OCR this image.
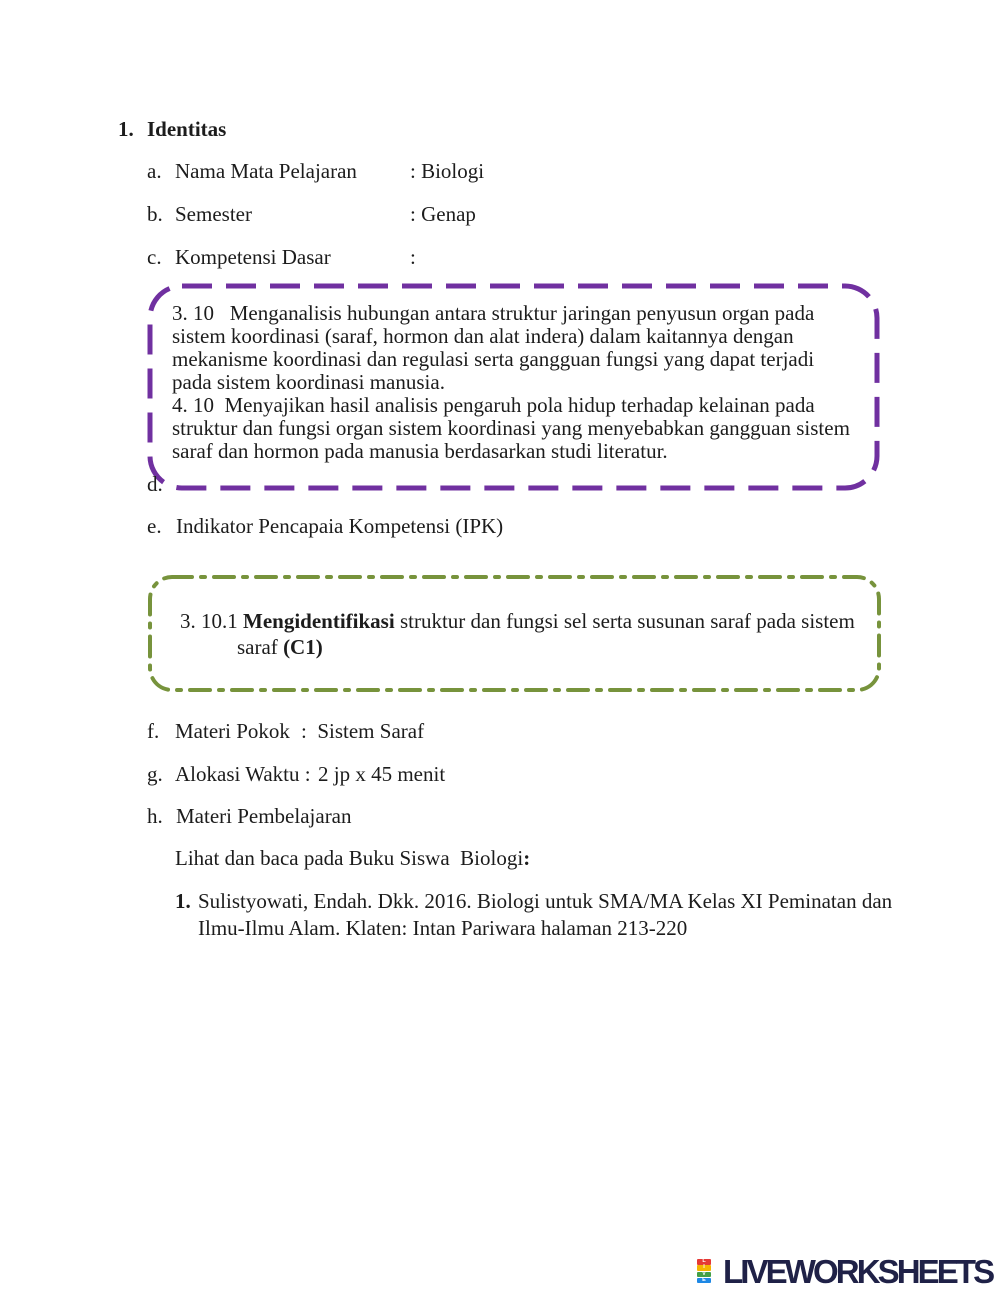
1. Identitas
a. Nama Mata Pelajaran	: Biologi
b. Semester	: Genap
c. Kompetensi Dasar	:
3. 10   Menganalisis hubungan antara struktur jaringan penyusun organ pada
sistem koordinasi (saraf, hormon dan alat indera) dalam kaitannya dengan
mekanisme koordinasi dan regulasi serta gangguan fungsi yang dapat terjadi
pada sistem koordinasi manusia.
4. 10  Menyajikan hasil analisis pengaruh pola hidup terhadap kelainan pada
struktur dan fungsi organ sistem koordinasi yang menyebabkan gangguan sistem
saraf dan hormon pada manusia berdasarkan studi literatur.
d.
e. Indikator Pencapaia Kompetensi (IPK)
3. 10.1 Mengidentifikasi struktur dan fungsi sel serta susunan saraf pada sistem
saraf (C1)
f. Materi Pokok :  Sistem Saraf
g. Alokasi Waktu : 2 jp x 45 menit
h. Materi Pembelajaran
Lihat dan baca pada Buku Siswa  Biologi:
1. Sulistyowati, Endah. Dkk. 2016. Biologi untuk SMA/MA Kelas XI Peminatan dan
Ilmu-Ilmu Alam. Klaten: Intan Pariwara halaman 213-220
L
I
V
E LIVEWORKSHEETS
